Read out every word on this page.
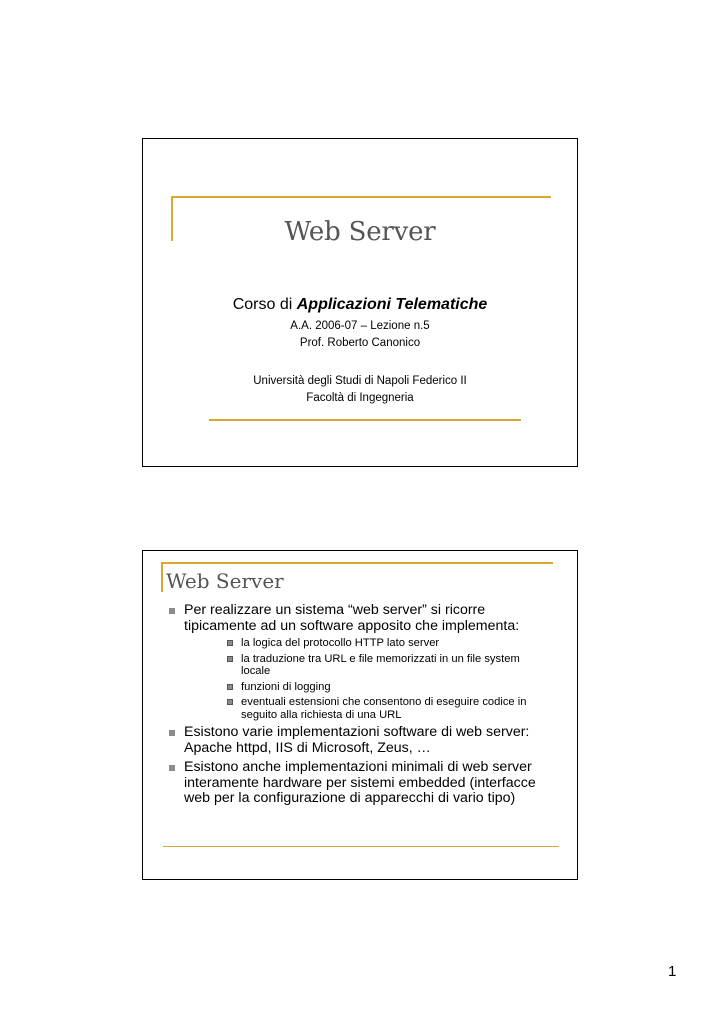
Web Server
Corso di Applicazioni Telematiche
A.A. 2006-07 – Lezione n.5
Prof. Roberto Canonico
Università degli Studi di Napoli Federico II
Facoltà di Ingegneria
Web Server
Per realizzare un sistema “web server” si ricorre tipicamente ad un software apposito che implementa:
la logica del protocollo HTTP lato server
la traduzione tra URL e file memorizzati in un file system locale
funzioni di logging
eventuali estensioni che consentono di eseguire codice in seguito alla richiesta di una URL
Esistono varie implementazioni software di web server: Apache httpd, IIS di Microsoft, Zeus, …
Esistono anche implementazioni minimali di web server interamente hardware per sistemi embedded (interfacce web per la configurazione di apparecchi di vario tipo)
1
